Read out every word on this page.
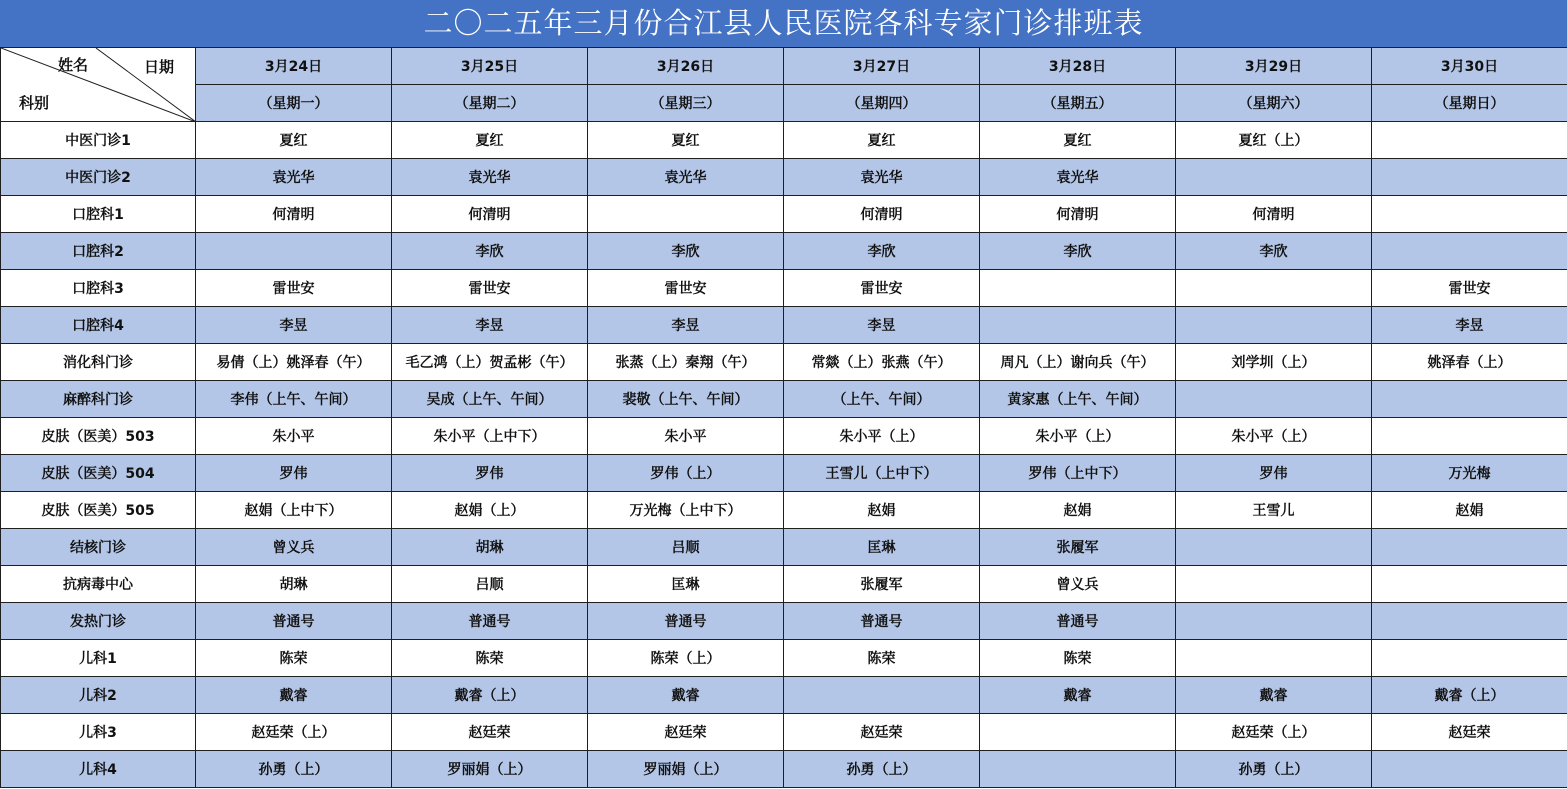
二〇二五年三月份合江县人民医院各科专家门诊排班表
姓名 日期
科别	3月24日	3月25日	3月26日	3月27日	3月28日	3月29日	3月30日
	（星期一）	（星期二）	（星期三）	（星期四）	（星期五）	（星期六）	（星期日）
中医门诊1	夏红	夏红	夏红	夏红	夏红	夏红（上）	
中医门诊2	袁光华	袁光华	袁光华	袁光华	袁光华		
口腔科1	何清明	何清明		何清明	何清明	何清明	
口腔科2		李欣	李欣	李欣	李欣	李欣	
口腔科3	雷世安	雷世安	雷世安	雷世安			雷世安
口腔科4	李昱	李昱	李昱	李昱			李昱
消化科门诊	易倩（上）姚泽春（午）	毛乙鸿（上）贺孟彬（午）	张蒸（上）秦翔（午）	常燚（上）张燕（午）	周凡（上）谢向兵（午）	刘学圳（上）	姚泽春（上）
麻醉科门诊	李伟（上午、午间）	吴成（上午、午间）	裴敬（上午、午间）	（上午、午间）	黄家惠（上午、午间）		
皮肤（医美）503	朱小平	朱小平（上中下）	朱小平	朱小平（上）	朱小平（上）	朱小平（上）	
皮肤（医美）504	罗伟	罗伟	罗伟（上）	王雪儿（上中下）	罗伟（上中下）	罗伟	万光梅
皮肤（医美）505	赵娟（上中下）	赵娟（上）	万光梅（上中下）	赵娟	赵娟	王雪儿	赵娟
结核门诊	曾义兵	胡琳	吕顺	匡琳	张履军		
抗病毒中心	胡琳	吕顺	匡琳	张履军	曾义兵		
发热门诊	普通号	普通号	普通号	普通号	普通号		
儿科1	陈荣	陈荣	陈荣（上）	陈荣	陈荣		
儿科2	戴睿	戴睿（上）	戴睿		戴睿	戴睿	戴睿（上）
儿科3	赵廷荣（上）	赵廷荣	赵廷荣	赵廷荣		赵廷荣（上）	赵廷荣
儿科4	孙勇（上）	罗丽娟（上）	罗丽娟（上）	孙勇（上）		孙勇（上）	
